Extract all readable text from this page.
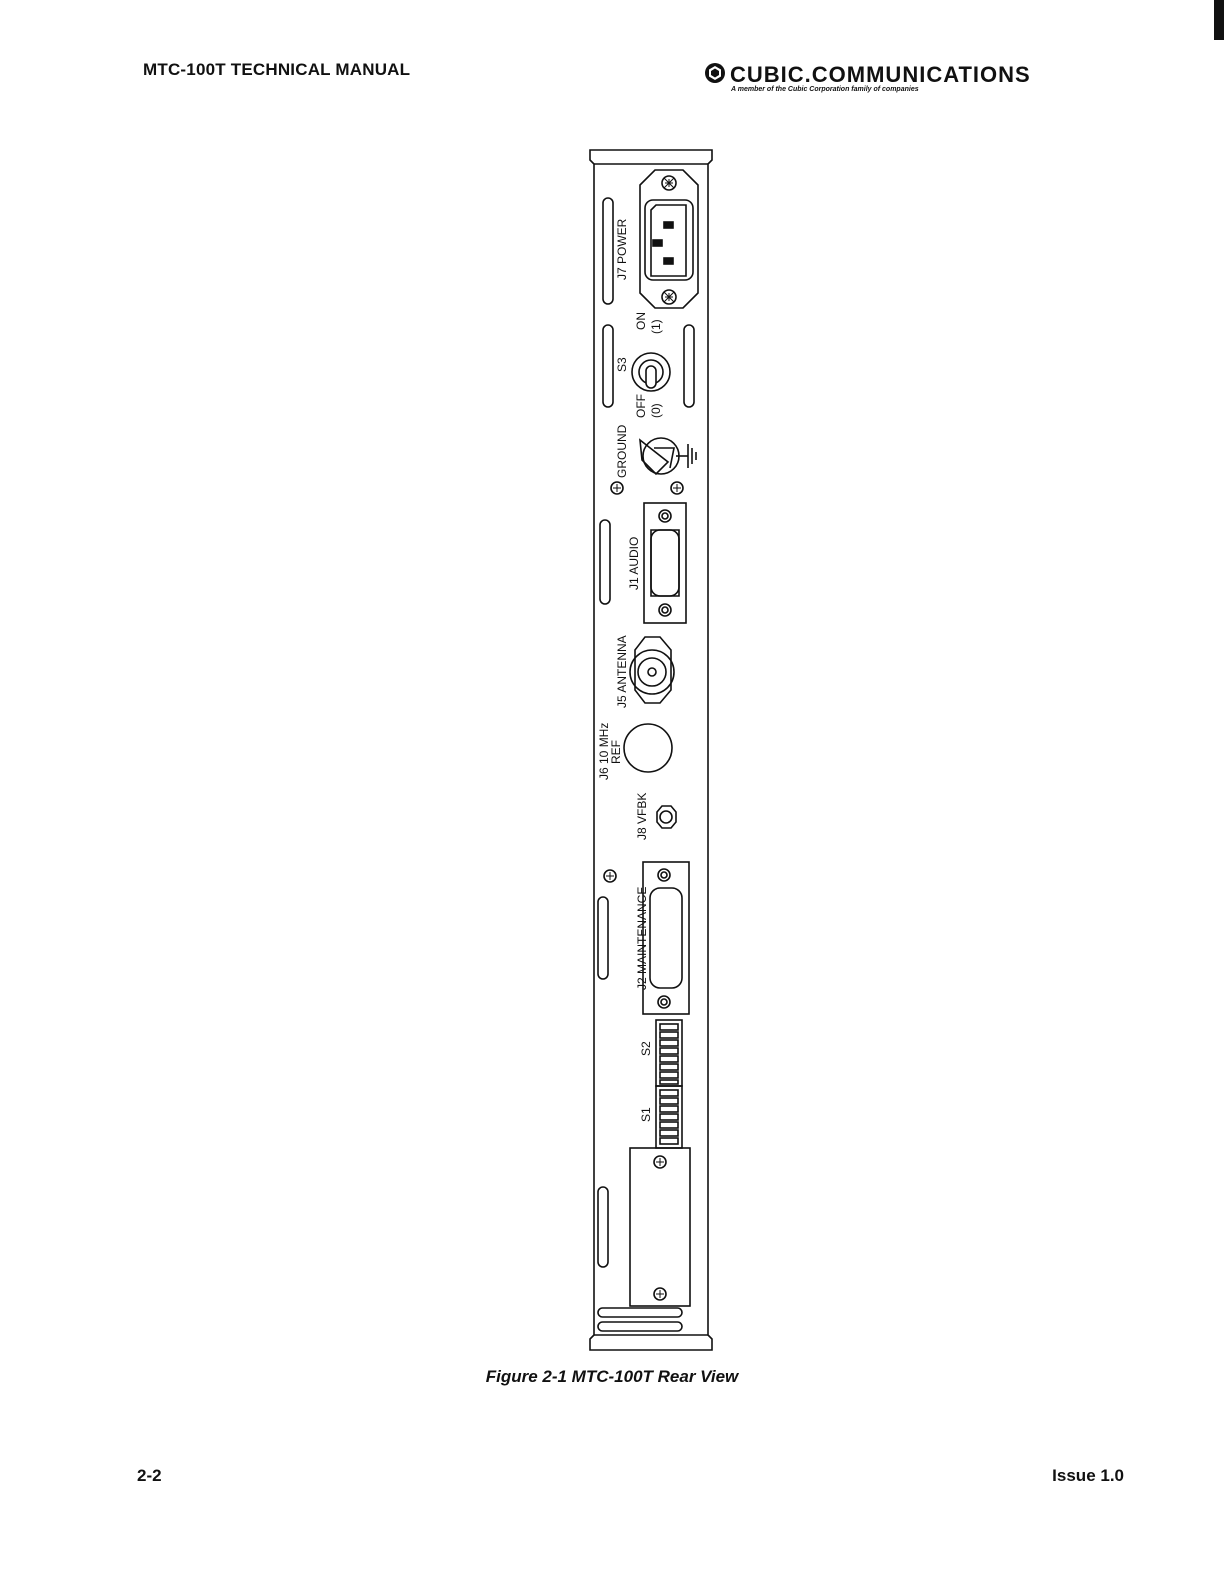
MTC-100T TECHNICAL MANUAL	CUBIC.COMMUNICATIONS
A member of the Cubic Corporation family of companies
J7 POWER
ON (1)
S3
OFF (0)
GROUND
J1 AUDIO
J5 ANTENNA
J6 10 MHz
REF
J8 VFBK
J2 MAINTENANCE
S2
S1
Figure 2-1 MTC-100T Rear View
2-2	Issue 1.0
